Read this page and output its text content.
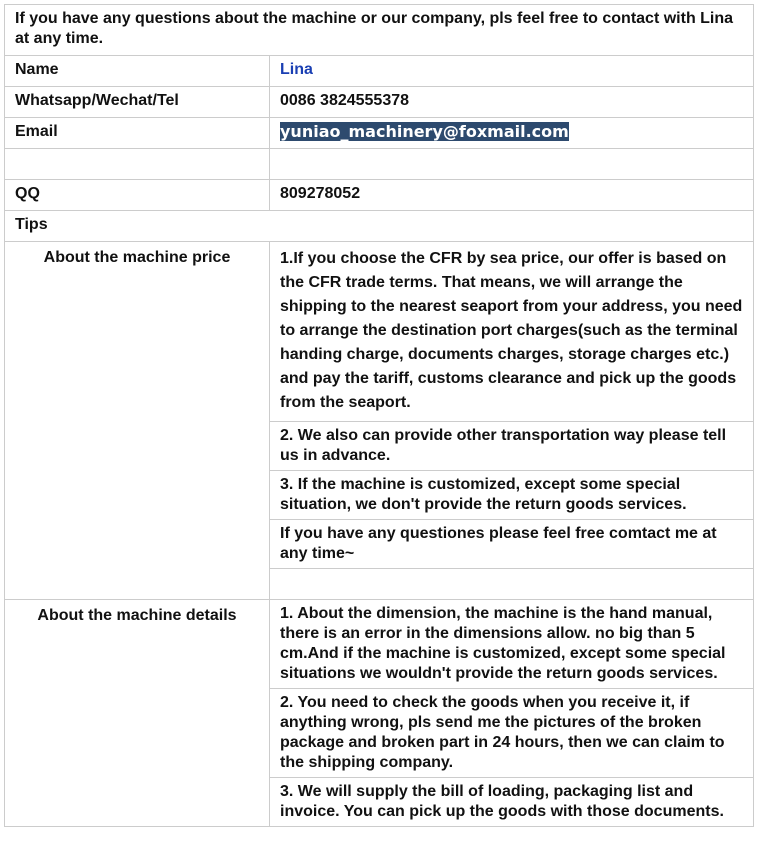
If you have any questions about the machine or our company, pls feel free to contact with Lina at any time.	
Name	Lina
Whatsapp/Wechat/Tel	0086 3824555378
Email	yuniao_machinery@foxmail.com

QQ	809278052
Tips	
About the machine price	1.If you choose the CFR by sea price, our offer is based on the CFR trade terms. That means, we will arrange the shipping to the nearest seaport from your address, you need to arrange the destination port charges(such as the terminal handing charge, documents charges, storage charges etc.) and pay the tariff, customs clearance and pick up the goods from the seaport.
	2. We also can provide other transportation way please tell us in advance.
	3. If the machine is customized, except some special situation, we don't provide the return goods services.
	If you have any questiones please feel free comtact me at any time~

About the machine details	1. About the dimension, the machine is the hand manual, there is an error in the dimensions allow. no big than 5 cm.And if the machine is customized, except some special situations we wouldn't provide the return goods services.
	2. You need to check the goods when you receive it, if anything wrong, pls send me the pictures of the broken package and broken part in 24 hours, then we can claim to the shipping company.
	3. We will supply the bill of loading, packaging list and invoice. You can pick up the goods with those documents.
